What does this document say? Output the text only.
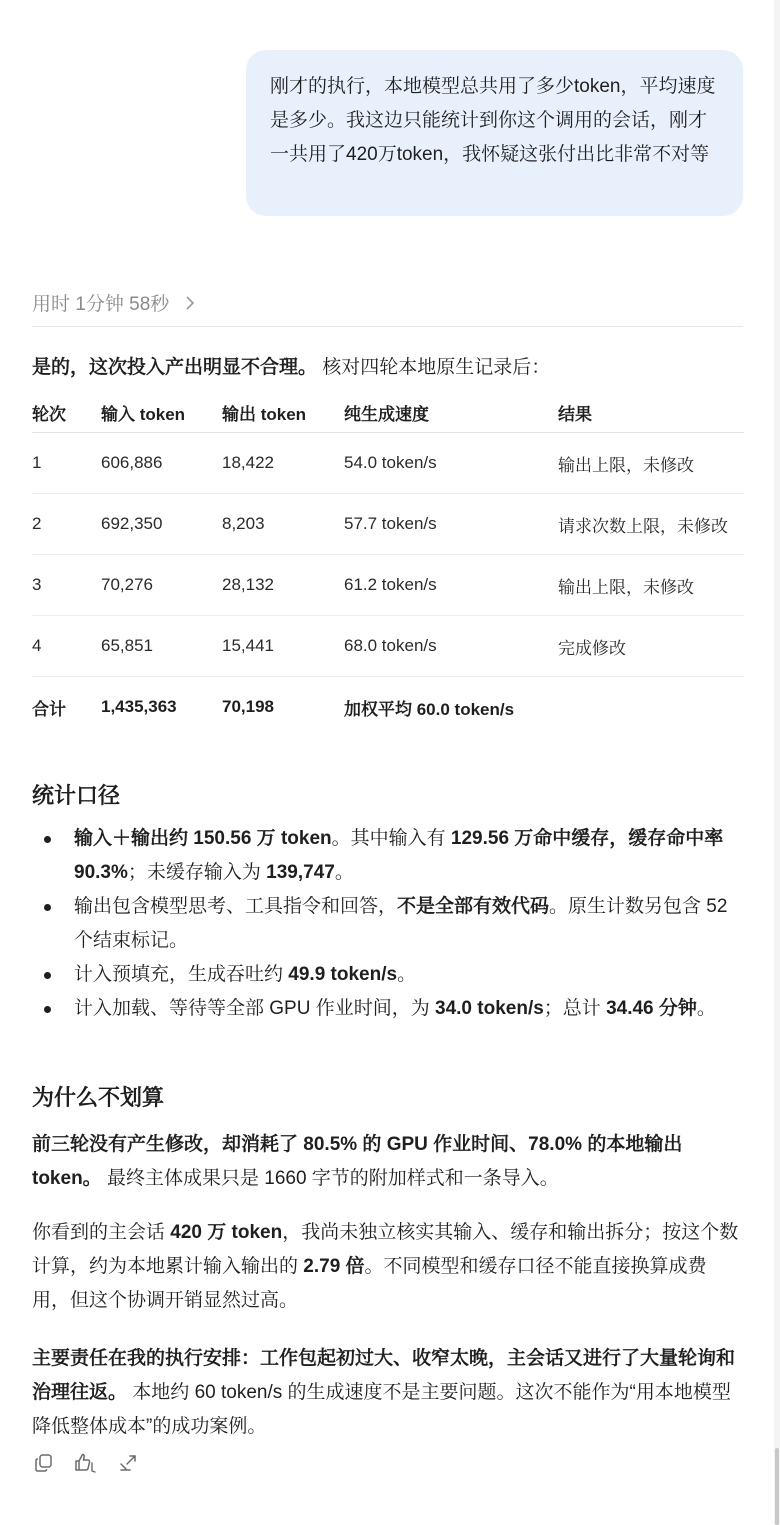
刚才的执行，本地模型总共用了多少token，平均速度是多少。我这边只能统计到你这个调用的会话，刚才一共用了420万token，我怀疑这张付出比非常不对等
用时 1分钟 58秒
是的，这次投入产出明显不合理。 核对四轮本地原生记录后：
轮次	输入 token	输出 token	纯生成速度	结果
1	606,886	18,422	54.0 token/s	输出上限，未修改
2	692,350	8,203	57.7 token/s	请求次数上限，未修改
3	70,276	28,132	61.2 token/s	输出上限，未修改
4	65,851	15,441	68.0 token/s	完成修改
合计	1,435,363	70,198	加权平均 60.0 token/s	
统计口径
输入＋输出约 150.56 万 token。其中输入有 129.56 万命中缓存，缓存命中率 90.3%；未缓存输入为 139,747。
输出包含模型思考、工具指令和回答，不是全部有效代码。原生计数另包含 52 个结束标记。
计入预填充，生成吞吐约 49.9 token/s。
计入加载、等待等全部 GPU 作业时间，为 34.0 token/s；总计 34.46 分钟。
为什么不划算

前三轮没有产生修改，却消耗了 80.5% 的 GPU 作业时间、78.0% 的本地输出 token。 最终主体成果只是 1660 字节的附加样式和一条导入。

你看到的主会话 420 万 token，我尚未独立核实其输入、缓存和输出拆分；按这个数计算，约为本地累计输入输出的 2.79 倍。不同模型和缓存口径不能直接换算成费用，但这个协调开销显然过高。

主要责任在我的执行安排：工作包起初过大、收窄太晚，主会话又进行了大量轮询和治理往返。 本地约 60 token/s 的生成速度不是主要问题。这次不能作为“用本地模型降低整体成本”的成功案例。
